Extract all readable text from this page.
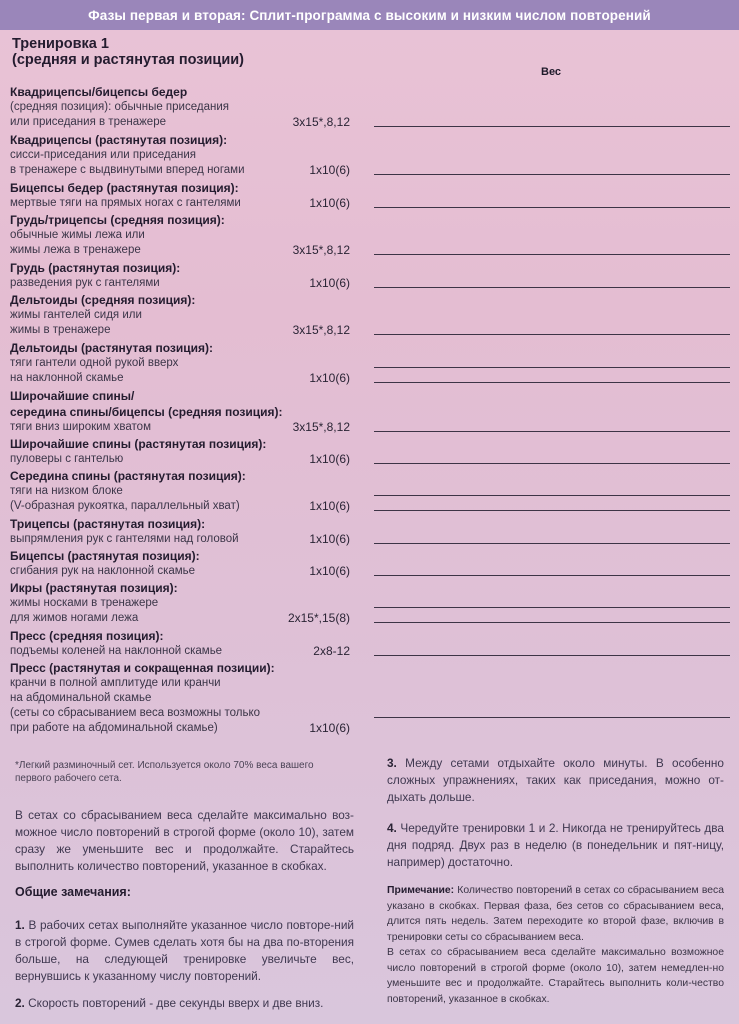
Фазы первая и вторая: Сплит-программа с высоким и низким числом повторений
Тренировка 1
(средняя и растянутая позиции)
Вес
Квадрицепсы/бицепсы бедер
(средняя позиция): обычные приседания
или приседания в тренажере	3x15*,8,12
Квадрицепсы (растянутая позиция):
сисси-приседания или приседания
в тренажере с выдвинутыми вперед ногами	1x10(6)
Бицепсы бедер (растянутая позиция):
мертвые тяги на прямых ногах с гантелями	1x10(6)
Грудь/трицепсы (средняя позиция):
обычные жимы лежа или
жимы лежа в тренажере	3x15*,8,12
Грудь (растянутая позиция):
разведения рук с гантелями	1x10(6)
Дельтоиды (средняя позиция):
жимы гантелей сидя или
жимы в тренажере	3x15*,8,12
Дельтоиды (растянутая позиция):
тяги гантели одной рукой вверх
на наклонной скамье	1x10(6)
Широчайшие спины/
середина спины/бицепсы (средняя позиция):
тяги вниз широким хватом	3x15*,8,12
Широчайшие спины (растянутая позиция):
пуловеры с гантелью	1x10(6)
Середина спины (растянутая позиция):
тяги на низком блоке
(V-образная рукоятка, параллельный хват)	1x10(6)
Трицепсы (растянутая позиция):
выпрямления рук с гантелями над головой	1x10(6)
Бицепсы (растянутая позиция):
сгибания рук на наклонной скамье	1x10(6)
Икры (растянутая позиция):
жимы носками в тренажере
для жимов ногами лежа	2x15*,15(8)
Пресс (средняя позиция):
подъемы коленей на наклонной скамье	2x8-12
Пресс (растянутая и сокращенная позиции):
кранчи в полной амплитуде или кранчи
на абдоминальной скамье
(сеты со сбрасыванием веса возможны только
при работе на абдоминальной скамье)	1x10(6)
*Легкий разминочный сет. Используется около 70% веса вашего
первого рабочего сета.
В сетах со сбрасыванием веса сделайте максимально воз-можное число повторений в строгой форме (около 10), затем сразу же уменьшите вес и продолжайте. Старайтесь выполнить количество повторений, указанное в скобках.
Общие замечания:
1. В рабочих сетах выполняйте указанное число повторе-ний в строгой форме. Сумев сделать хотя бы на два по-вторения больше, на следующей тренировке увеличьте вес, вернувшись к указанному числу повторений.
2. Скорость повторений - две секунды вверх и две вниз.
3. Между сетами отдыхайте около минуты. В особенно сложных упражнениях, таких как приседания, можно от-дыхать дольше.
4. Чередуйте тренировки 1 и 2. Никогда не тренируйтесь два дня подряд. Двух раз в неделю (в понедельник и пят-ницу, например) достаточно.
Примечание: Количество повторений в сетах со сбрасыванием веса указано в скобках. Первая фаза, без сетов со сбрасыванием веса, длится пять недель. Затем переходите ко второй фазе, включив в тренировки сеты со сбрасыванием веса.
В сетах со сбрасыванием веса сделайте максимально возможное число повторений в строгой форме (около 10), затем немедлен-но уменьшите вес и продолжайте. Старайтесь выполнить коли-чество повторений, указанное в скобках.
